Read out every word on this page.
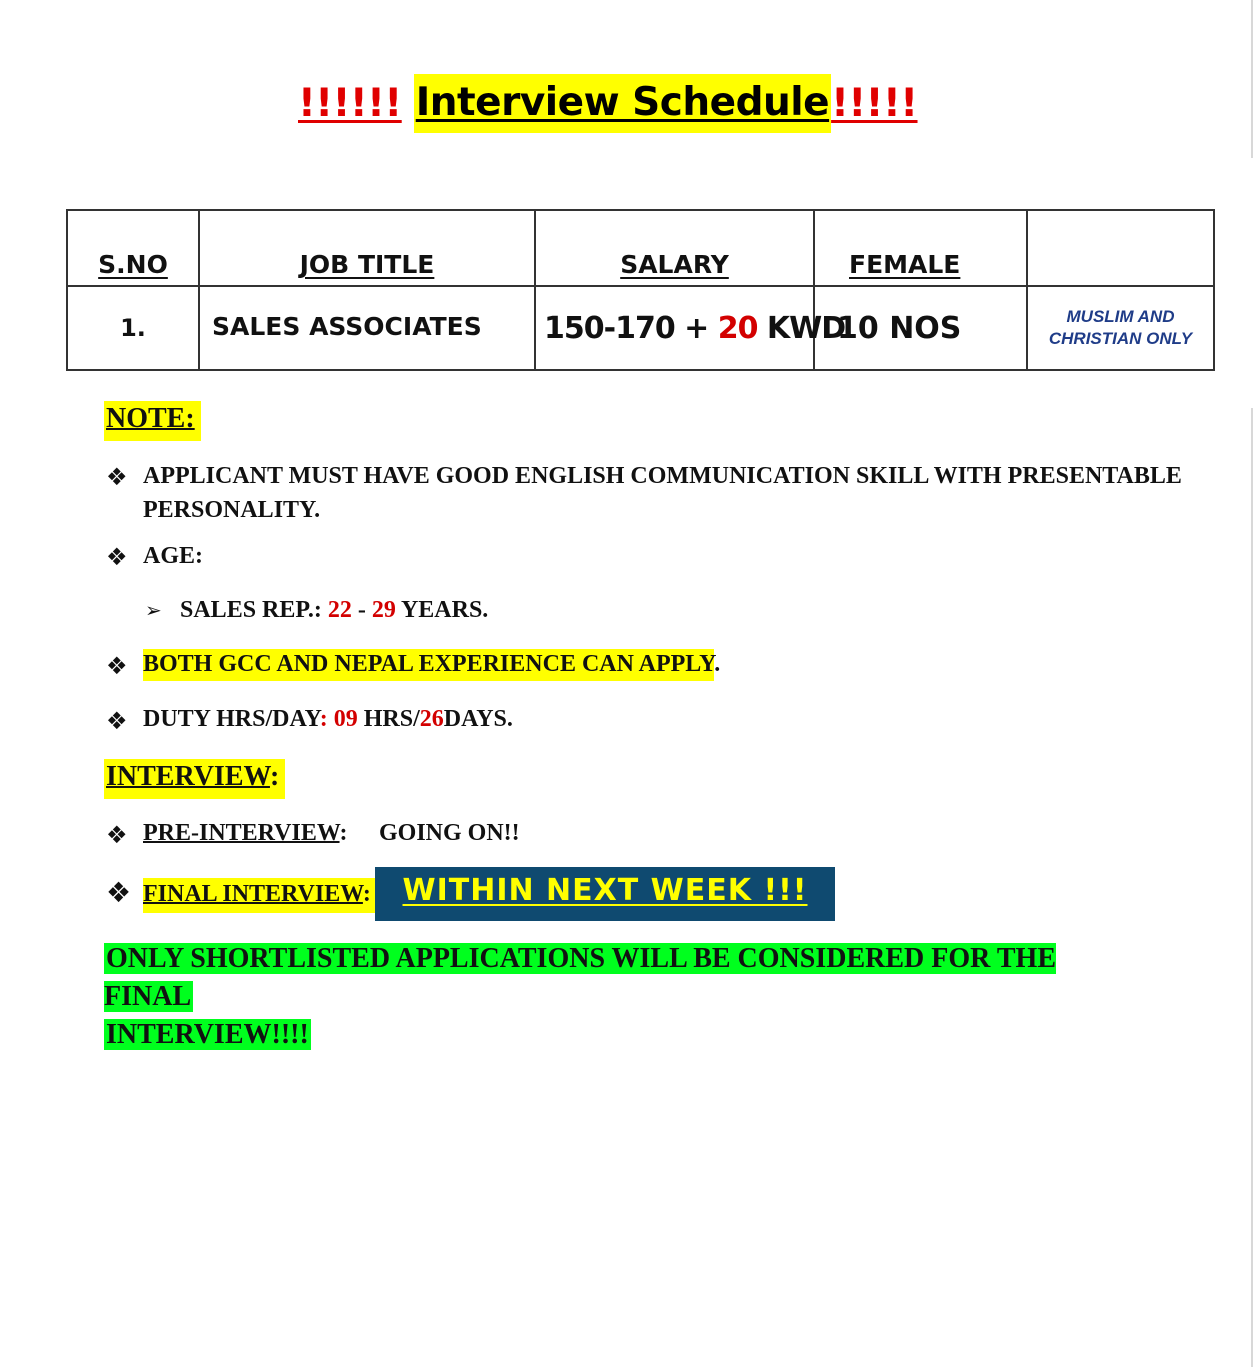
!!!!!! Interview Schedule !!!!!
S.NO	JOB TITLE	SALARY	FEMALE	
1.	SALES ASSOCIATES	150-170 + 20 KWD	10 NOS	MUSLIM AND
CHRISTIAN ONLY
NOTE:
❖ APPLICANT MUST HAVE GOOD ENGLISH COMMUNICATION SKILL WITH PRESENTABLE
PERSONALITY.
❖ AGE:
➢ SALES REP.: 22 - 29 YEARS.
❖ BOTH GCC AND NEPAL EXPERIENCE CAN APPLY.
❖ DUTY HRS/DAY: 09 HRS/26DAYS.
INTERVIEW:
❖ PRE-INTERVIEW: GOING ON!!
❖ FINAL INTERVIEW: WITHIN NEXT WEEK !!!
ONLY SHORTLISTED APPLICATIONS WILL BE CONSIDERED FOR THE FINAL
INTERVIEW!!!!
